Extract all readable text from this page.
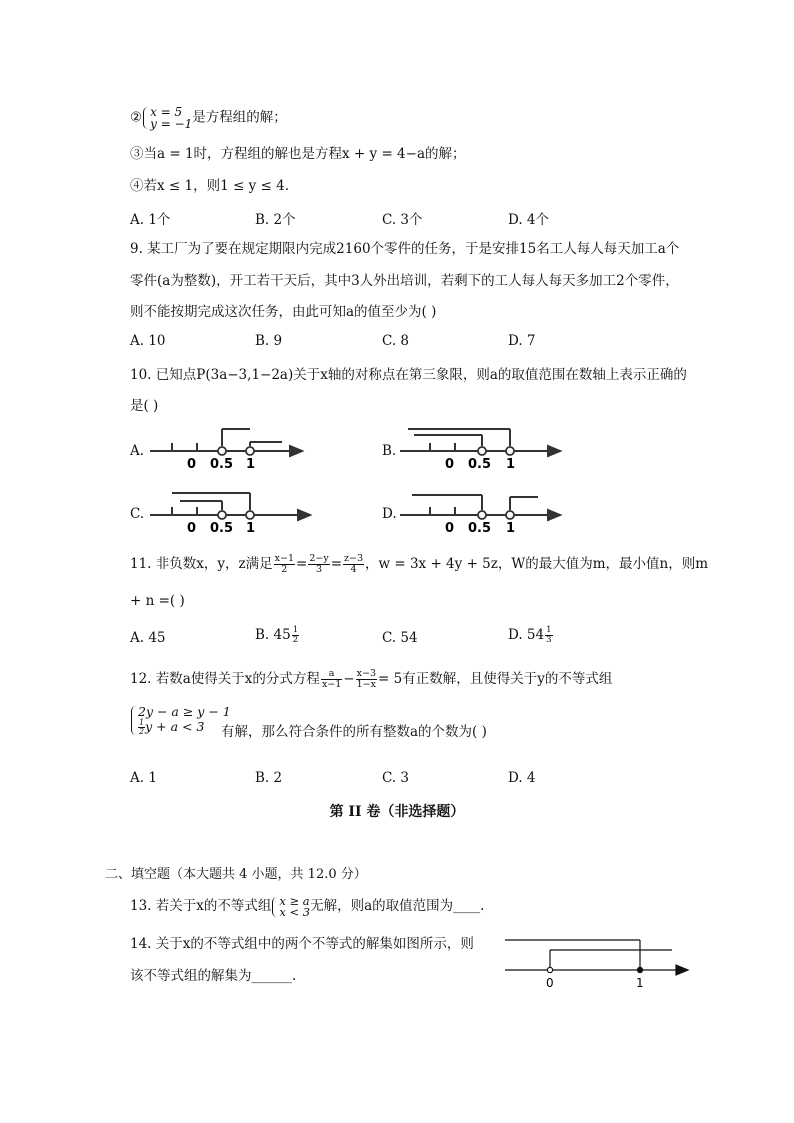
② x = 5
y = −1 是方程组的解；
③当a = 1时，方程组的解也是方程x + y = 4−a的解；
④若x ≤ 1，则1 ≤ y ≤ 4.
A. 1个	B. 2个	C. 3个	D. 4个
9. 某工厂为了要在规定期限内完成2160个零件的任务，于是安排15名工人每人每天加工a个
零件(a为整数)，开工若干天后，其中3人外出培训，若剩下的工人每人每天多加工2个零件，
则不能按期完成这次任务，由此可知a的值至少为( )
A. 10	B. 9	C. 8	D. 7
10. 已知点P(3a−3,1−2a)关于x轴的对称点在第三象限，则a的取值范围在数轴上表示正确的
是( )
A.	B.
C.	D.
0 0.5 1	0 0.5 1
0 0.5 1	0 0.5 1
11. 非负数x，y，z满足 $\frac{x-1}{2} = \frac{2-y}{3} = \frac{z-3}{4}$ ，w = 3x + 4y + 5z，W的最大值为m，最小值n，则m
+ n =( )
A. 45	B. $45 \frac{1}{2}$	C. 54	D. $54 \frac{1}{3}$
12. 若数a使得关于x的分式方程 $\frac{a}{x-1} - \frac{x-3}{1-x} = 5$有正数解，且使得关于y的不等式组
2y − a ≥ y − 1
$\frac{1}{2}$ y + a < 3	有解，那么符合条件的所有整数a的个数为( )
A. 1	B. 2	C. 3	D. 4
第 II 卷（非选择题）
二、填空题（本大题共 4 小题，共 12.0 分）
13. 若关于x的不等式组 x ≥ a
x < 3 无解，则a的取值范围为____.
14. 关于x的不等式组中的两个不等式的解集如图所示，则
该不等式组的解集为______.	0	1
